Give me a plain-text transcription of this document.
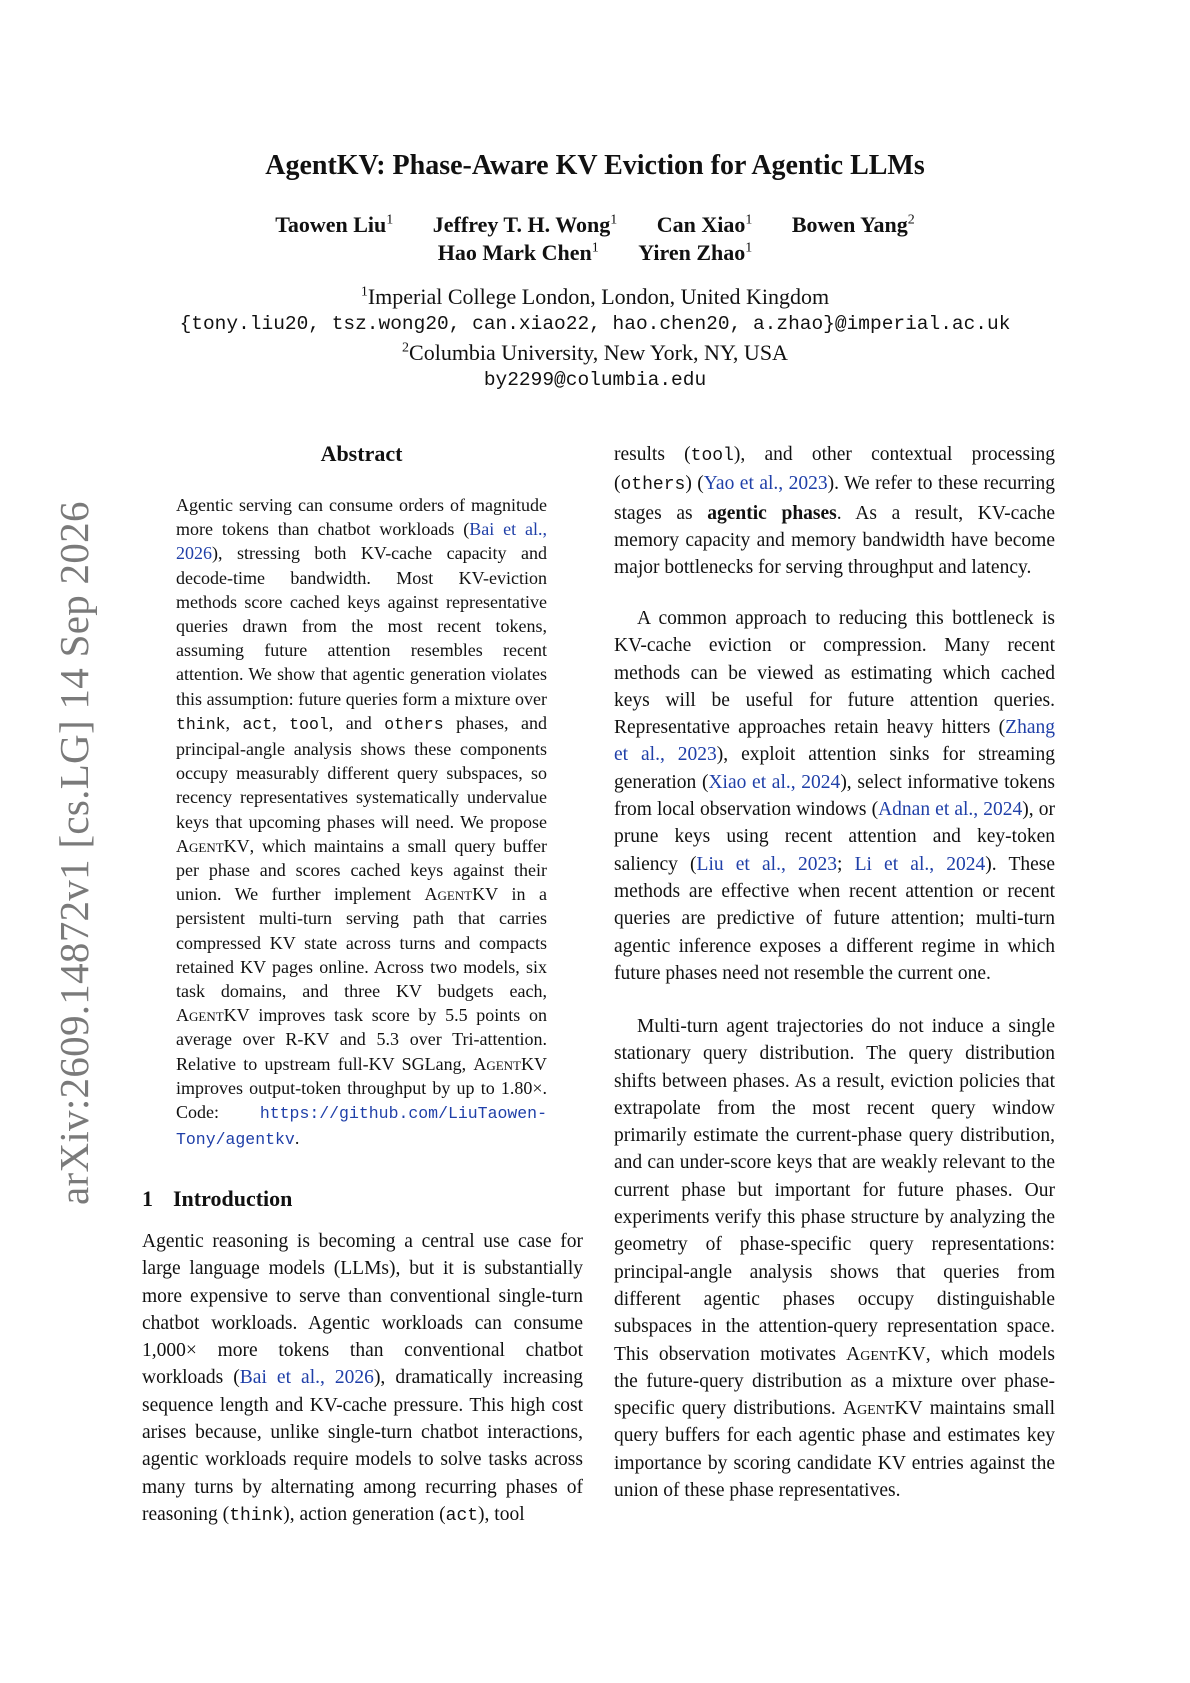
arXiv:2609.14872v1 [cs.LG] 14 Sep 2026
AgentKV: Phase-Aware KV Eviction for Agentic LLMs
Taowen Liu$^1$ Jeffrey T. H. Wong$^1$ Can Xiao$^1$ Bowen Yang$^2$
Hao Mark Chen$^1$ Yiren Zhao$^1$
$^1$Imperial College London, London, United Kingdom
{tony.liu20, tsz.wong20, can.xiao22, hao.chen20, a.zhao}@imperial.ac.uk
$^2$Columbia University, New York, NY, USA
by2299@columbia.edu
Abstract

Agentic serving can consume orders of magnitude more tokens than chatbot workloads (Bai et al., 2026), stressing both KV-cache capacity and decode-time bandwidth. Most KV-eviction methods score cached keys against representative queries drawn from the most recent tokens, assuming future attention resembles recent attention. We show that agentic generation violates this assumption: future queries form a mixture over think, act, tool, and others phases, and principal-angle analysis shows these components occupy measurably different query subspaces, so recency representatives systematically undervalue keys that upcoming phases will need. We propose AgentKV, which maintains a small query buffer per phase and scores cached keys against their union. We further implement AgentKV in a persistent multi-turn serving path that carries compressed KV state across turns and compacts retained KV pages online. Across two models, six task domains, and three KV budgets each, AgentKV improves task score by 5.5 points on average over R-KV and 5.3 over Tri-attention. Relative to upstream full-KV SGLang, AgentKV improves output-token throughput by up to 1.80×. Code: https://github.com/LiuTaowen-Tony/agentkv.

1 Introduction

Agentic reasoning is becoming a central use case for large language models (LLMs), but it is substantially more expensive to serve than conventional single-turn chatbot workloads. Agentic workloads can consume 1,000× more tokens than conventional chatbot workloads (Bai et al., 2026), dramatically increasing sequence length and KV-cache pressure. This high cost arises because, unlike single-turn chatbot interactions, agentic workloads require models to solve tasks across many turns by alternating among recurring phases of reasoning (think), action generation (act), tool

results (tool), and other contextual processing (others) (Yao et al., 2023). We refer to these recurring stages as agentic phases. As a result, KV-cache memory capacity and memory bandwidth have become major bottlenecks for serving throughput and latency.

A common approach to reducing this bottleneck is KV-cache eviction or compression. Many recent methods can be viewed as estimating which cached keys will be useful for future attention queries. Representative approaches retain heavy hitters (Zhang et al., 2023), exploit attention sinks for streaming generation (Xiao et al., 2024), select informative tokens from local observation windows (Adnan et al., 2024), or prune keys using recent attention and key-token saliency (Liu et al., 2023; Li et al., 2024). These methods are effective when recent attention or recent queries are predictive of future attention; multi-turn agentic inference exposes a different regime in which future phases need not resemble the current one.

Multi-turn agent trajectories do not induce a single stationary query distribution. The query distribution shifts between phases. As a result, eviction policies that extrapolate from the most recent query window primarily estimate the current-phase query distribution, and can under-score keys that are weakly relevant to the current phase but important for future phases. Our experiments verify this phase structure by analyzing the geometry of phase-specific query representations: principal-angle analysis shows that queries from different agentic phases occupy distinguishable subspaces in the attention-query representation space. This observation motivates AgentKV, which models the future-query distribution as a mixture over phase-specific query distributions. AgentKV maintains small query buffers for each agentic phase and estimates key importance by scoring candidate KV entries against the union of these phase representatives.
